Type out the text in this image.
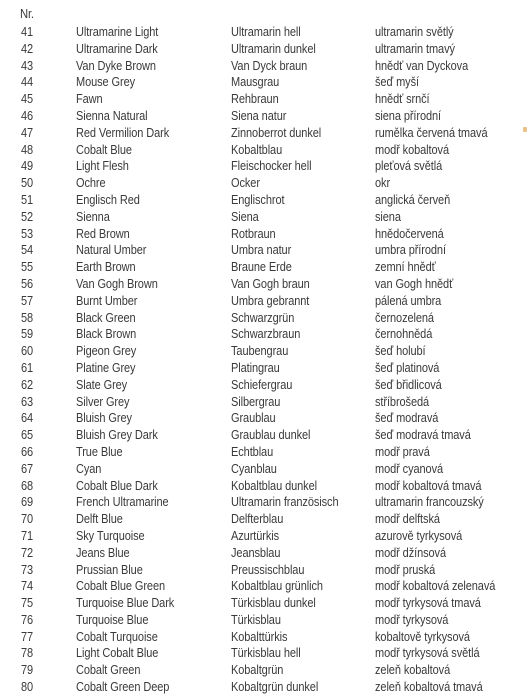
Nr.
41	Ultramarine Light	Ultramarin hell	ultramarin světlý
42	Ultramarine Dark	Ultramarin dunkel	ultramarin tmavý
43	Van Dyke Brown	Van Dyck braun	hnědť van Dyckova
44	Mouse Grey	Mausgrau	šeď myší
45	Fawn	Rehbraun	hnědť srnčí
46	Sienna Natural	Siena natur	siena přírodní
47	Red Vermilion Dark	Zinnoberrot dunkel	rumělka červená tmavá
48	Cobalt Blue	Kobaltblau	modř kobaltová
49	Light Flesh	Fleischocker hell	pleťová světlá
50	Ochre	Ocker	okr
51	Englisch Red	Englischrot	anglická červeň
52	Sienna	Siena	siena
53	Red Brown	Rotbraun	hnědočervená
54	Natural Umber	Umbra natur	umbra přírodní
55	Earth Brown	Braune Erde	zemní hnědť
56	Van Gogh Brown	Van Gogh braun	van Gogh hnědť
57	Burnt Umber	Umbra gebrannt	pálená umbra
58	Black Green	Schwarzgrün	černozelená
59	Black Brown	Schwarzbraun	černohnědá
60	Pigeon Grey	Taubengrau	šeď holubí
61	Platine Grey	Platingrau	šeď platinová
62	Slate Grey	Schiefergrau	šeď břidlicová
63	Silver Grey	Silbergrau	stříbrošedá
64	Bluish Grey	Graublau	šeď modravá
65	Bluish Grey Dark	Graublau dunkel	šeď modravá tmavá
66	True Blue	Echtblau	modř pravá
67	Cyan	Cyanblau	modř cyanová
68	Cobalt Blue Dark	Kobaltblau dunkel	modř kobaltová tmavá
69	French Ultramarine	Ultramarin französisch	ultramarin francouzský
70	Delft Blue	Delfterblau	modř delftská
71	Sky Turquoise	Azurtürkis	azurově tyrkysová
72	Jeans Blue	Jeansblau	modř džínsová
73	Prussian Blue	Preussischblau	modř pruská
74	Cobalt Blue Green	Kobaltblau grünlich	modř kobaltová zelenavá
75	Turquoise Blue Dark	Türkisblau dunkel	modř tyrkysová tmavá
76	Turquoise Blue	Türkisblau	modř tyrkysová
77	Cobalt Turquoise	Kobalttürkis	kobaltově tyrkysová
78	Light Cobalt Blue	Türkisblau hell	modř tyrkysová světlá
79	Cobalt Green	Kobaltgrün	zeleň kobaltová
80	Cobalt Green Deep	Kobaltgrün dunkel	zeleň kobaltová tmavá
